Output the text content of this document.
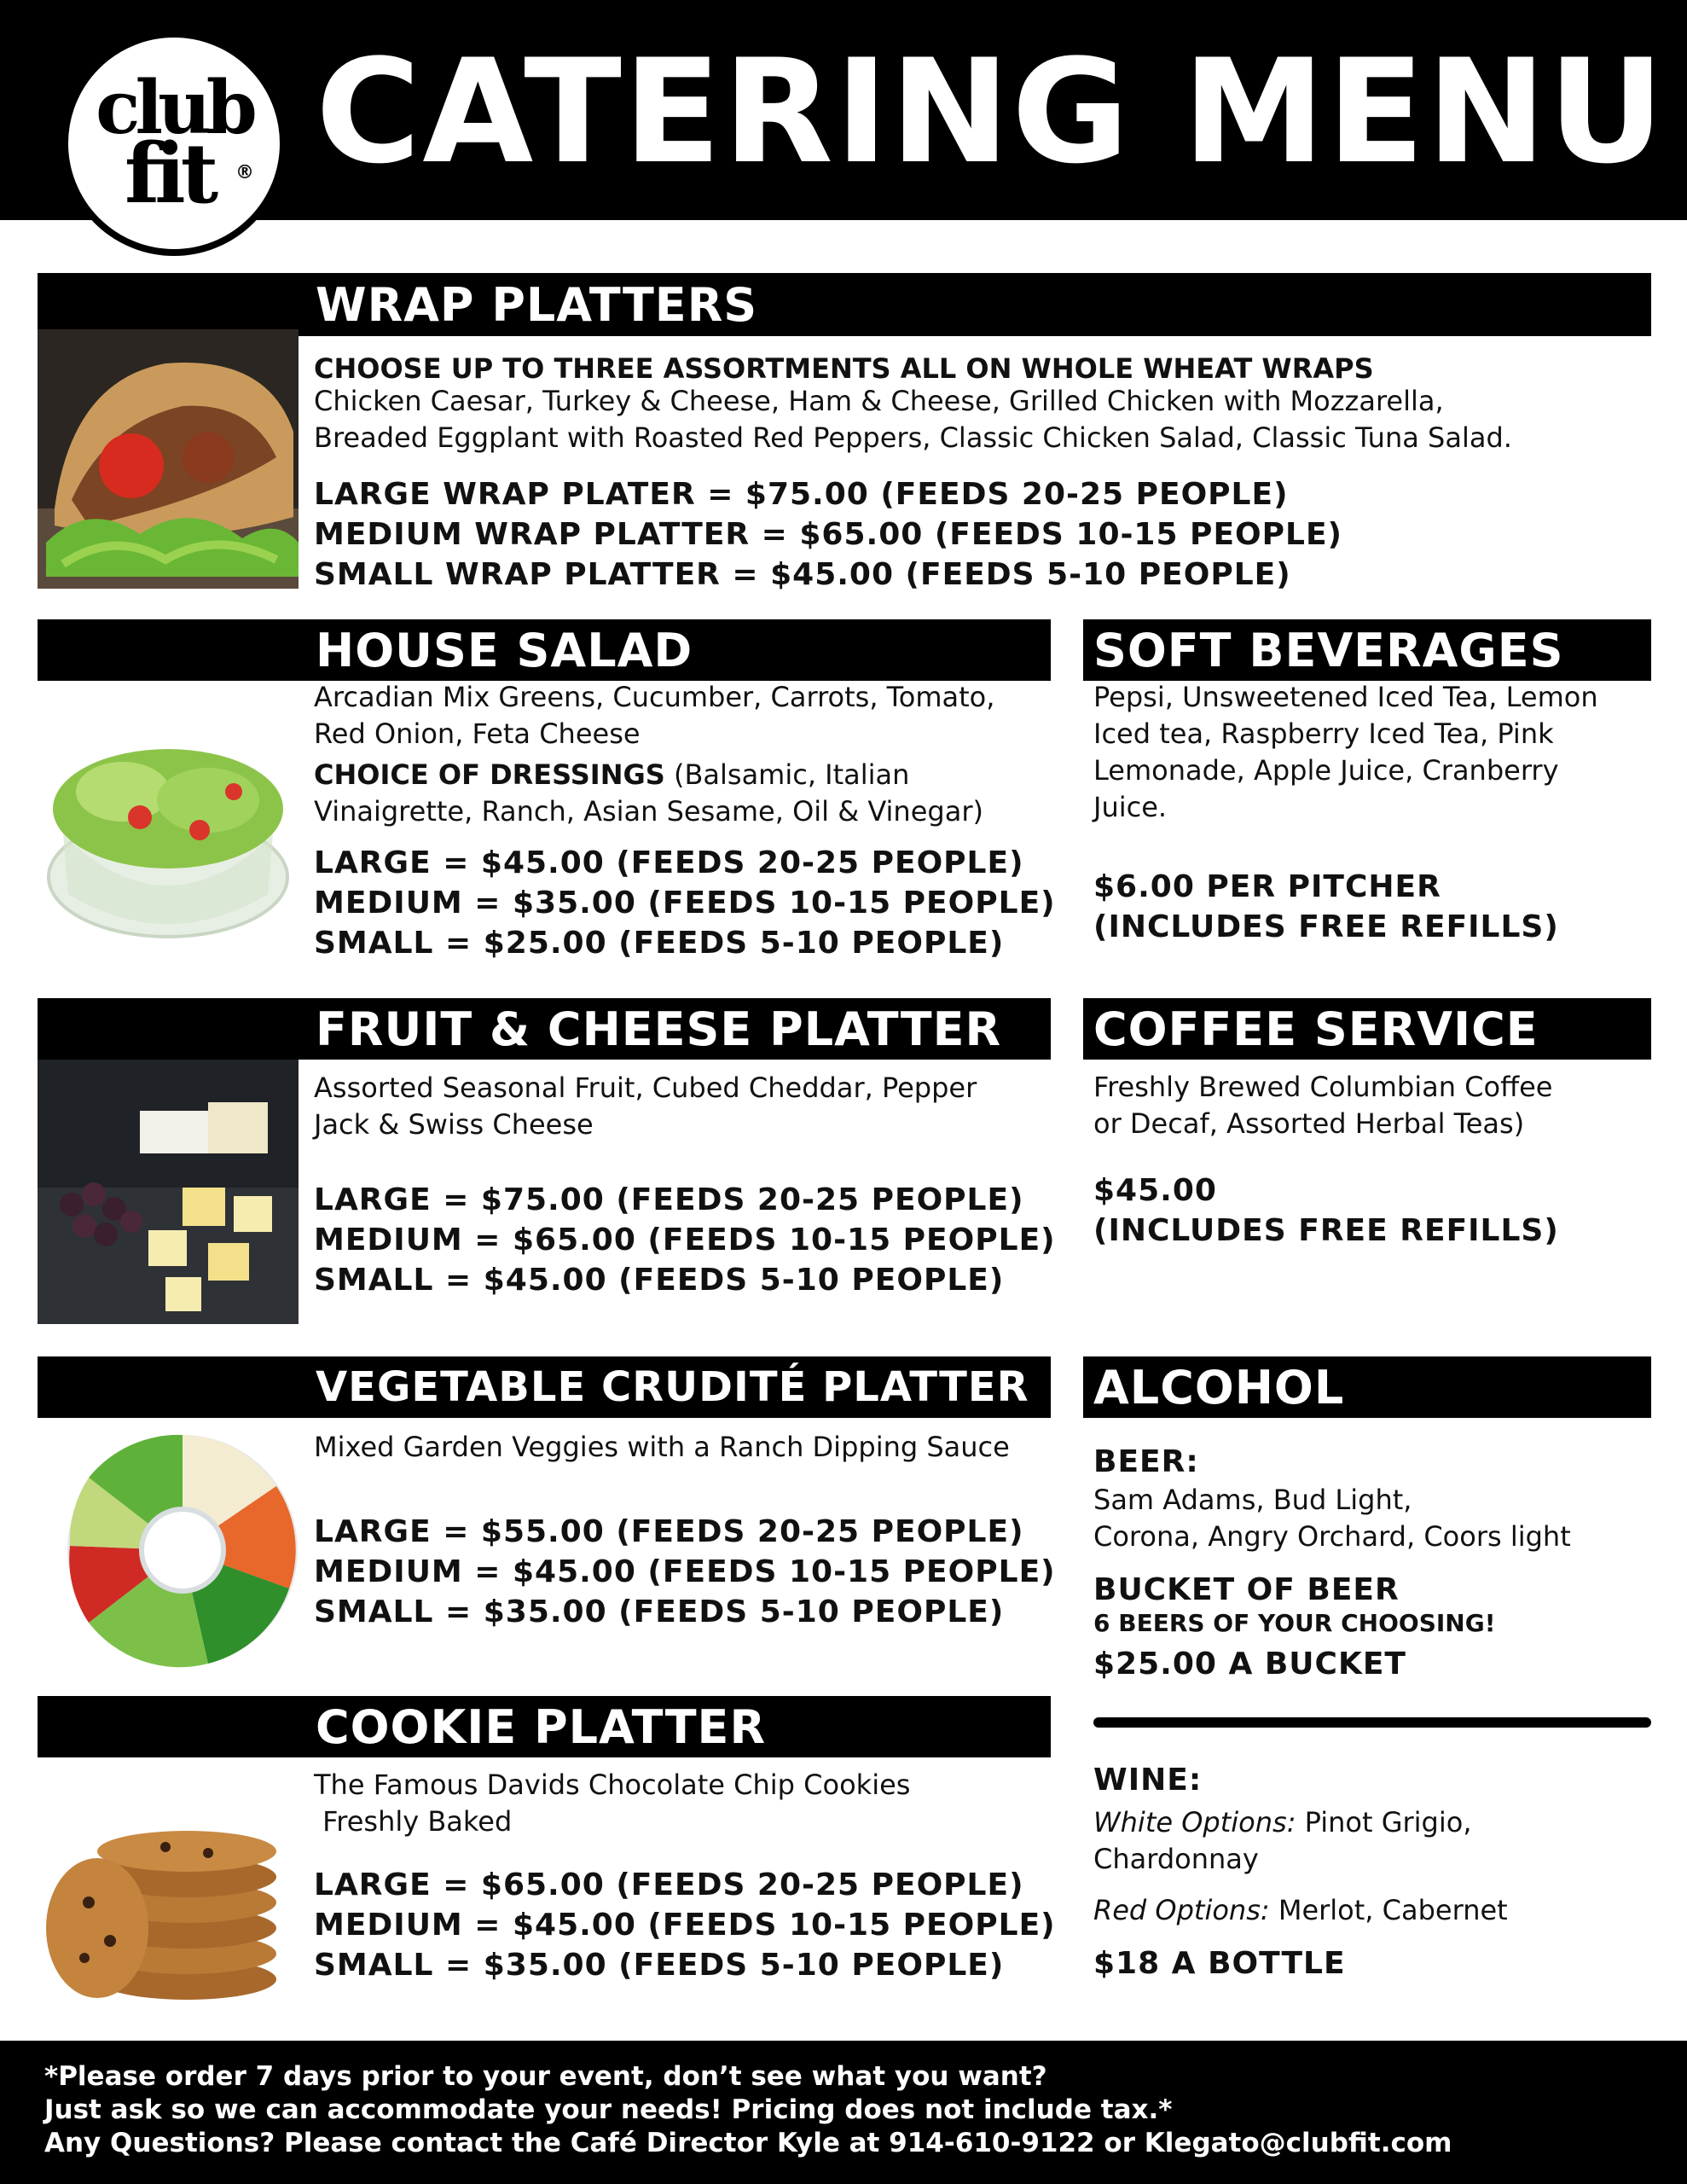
club
fit	® CATERING MENU
WRAP PLATTERS
CHOOSE UP TO THREE ASSORTMENTS ALL ON WHOLE WHEAT WRAPS
Chicken Caesar, Turkey & Cheese, Ham & Cheese, Grilled Chicken with Mozzarella,
Breaded Eggplant with Roasted Red Peppers, Classic Chicken Salad, Classic Tuna Salad.
LARGE WRAP PLATER = $75.00 (FEEDS 20-25 PEOPLE)
MEDIUM WRAP PLATTER = $65.00 (FEEDS 10-15 PEOPLE)
SMALL WRAP PLATTER = $45.00 (FEEDS 5-10 PEOPLE)
HOUSE SALAD
Arcadian Mix Greens, Cucumber, Carrots, Tomato,
Red Onion, Feta Cheese
CHOICE OF DRESSINGS (Balsamic, Italian
Vinaigrette, Ranch, Asian Sesame, Oil & Vinegar)
LARGE = $45.00 (FEEDS 20-25 PEOPLE)
MEDIUM = $35.00 (FEEDS 10-15 PEOPLE)
SMALL = $25.00 (FEEDS 5-10 PEOPLE)
SOFT BEVERAGES
Pepsi, Unsweetened Iced Tea, Lemon
Iced tea, Raspberry Iced Tea, Pink
Lemonade, Apple Juice, Cranberry
Juice.
$6.00 PER PITCHER
(INCLUDES FREE REFILLS)
FRUIT & CHEESE PLATTER
Assorted Seasonal Fruit, Cubed Cheddar, Pepper
Jack & Swiss Cheese
LARGE = $75.00 (FEEDS 20-25 PEOPLE)
MEDIUM = $65.00 (FEEDS 10-15 PEOPLE)
SMALL = $45.00 (FEEDS 5-10 PEOPLE)
COFFEE SERVICE
Freshly Brewed Columbian Coffee
or Decaf, Assorted Herbal Teas)
$45.00
(INCLUDES FREE REFILLS)
VEGETABLE CRUDITÉ PLATTER
Mixed Garden Veggies with a Ranch Dipping Sauce
LARGE = $55.00 (FEEDS 20-25 PEOPLE)
MEDIUM = $45.00 (FEEDS 10-15 PEOPLE)
SMALL = $35.00 (FEEDS 5-10 PEOPLE)
ALCOHOL
BEER:
Sam Adams, Bud Light,
Corona, Angry Orchard, Coors light
BUCKET OF BEER
6 BEERS OF YOUR CHOOSING!
$25.00 A BUCKET
WINE:
White Options: Pinot Grigio,
Chardonnay
Red Options: Merlot, Cabernet
$18 A BOTTLE
COOKIE PLATTER
The Famous Davids Chocolate Chip Cookies
Freshly Baked
LARGE = $65.00 (FEEDS 20-25 PEOPLE)
MEDIUM = $45.00 (FEEDS 10-15 PEOPLE)
SMALL = $35.00 (FEEDS 5-10 PEOPLE)
*Please order 7 days prior to your event, don’t see what you want?
Just ask so we can accommodate your needs! Pricing does not include tax.*
Any Questions? Please contact the Café Director Kyle at 914-610-9122 or Klegato@clubfit.com
